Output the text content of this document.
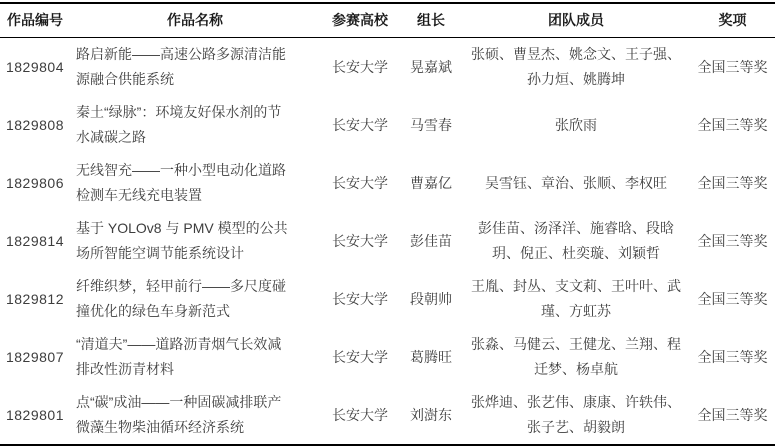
作品编号	作品名称	参赛高校	组长	团队成员	奖项
1829804	路启新能——高速公路多源清洁能源融合供能系统	长安大学	晃嘉斌	张硕、曹昱杰、姚念文、王子强、孙力烜、姚腾坤	全国三等奖
1829808	秦土“绿脉”：环境友好保水剂的节水减碳之路	长安大学	马雪春	张欣雨	全国三等奖
1829806	无线智充——一种小型电动化道路检测车无线充电装置	长安大学	曹嘉亿	吴雪钰、章治、张顺、李权旺	全国三等奖
1829814	基于 YOLOv8 与 PMV 模型的公共场所智能空调节能系统设计	长安大学	彭佳苗	彭佳苗、汤泽洋、施睿晗、段晗玥、倪正、杜奕璇、刘颖哲	全国三等奖
1829812	纤维织梦，轻甲前行——多尺度碰撞优化的绿色车身新范式	长安大学	段朝帅	王胤、封丛、支文莉、王叶叶、武瑾、方虹苏	全国三等奖
1829807	“清道夫”——道路沥青烟气长效减排改性沥青材料	长安大学	葛腾旺	张淼、马健云、王健龙、兰翔、程迁梦、杨卓航	全国三等奖
1829801	点“碳”成油——一种固碳减排联产微藻生物柴油循环经济系统	长安大学	刘澍东	张烨迪、张艺伟、康康、许轶伟、张子艺、胡毅朗	全国三等奖
